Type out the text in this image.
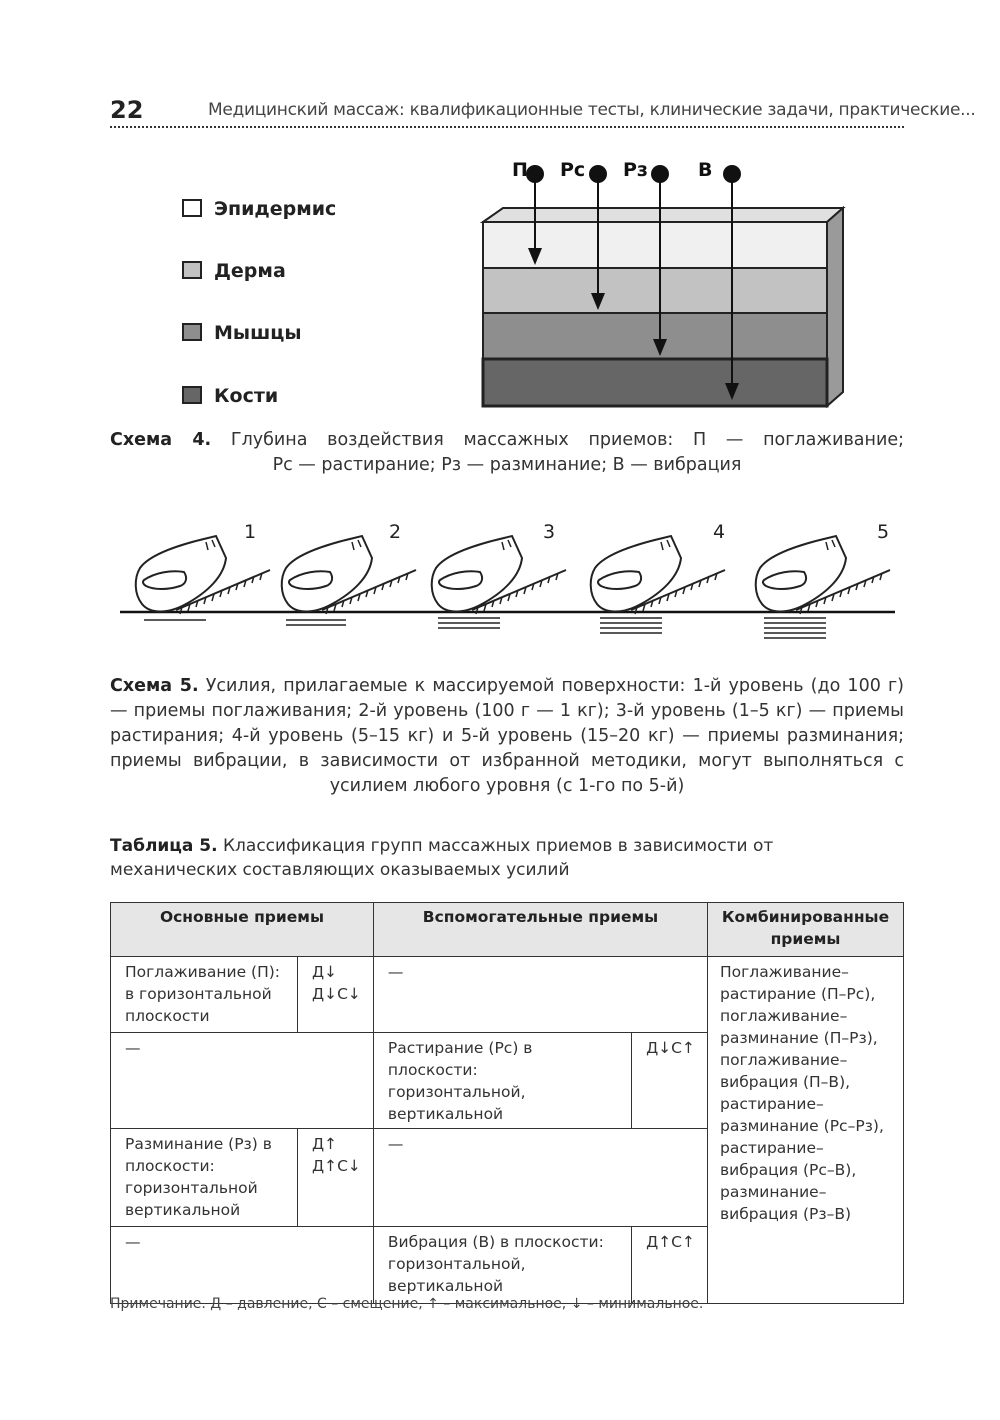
22	Медицинский массаж: квалификационные тесты, клинические задачи, практические...
Эпидермис
Дерма
Мышцы
Кости
П Рс Рз	В
Схема 4. Глубина воздействия массажных приемов: П — поглаживание;
Рс — растирание; Рз — разминание; В — вибрация
1	2	3	4	5
Схема 5. Усилия, прилагаемые к массируемой поверхности: 1-й уровень (до 100 г) — приемы поглаживания; 2-й уровень (100 г — 1 кг); 3-й уровень (1–5 кг) — приемы растирания; 4-й уровень (5–15 кг) и 5-й уровень (15–20 кг) — приемы разминания; приемы вибрации, в зависимости от избранной методики, могут выполняться с усилием любого уровня (с 1-го по 5-й)
Таблица 5. Классификация групп массажных приемов в зависимости от механических составляющих оказываемых усилий
Основные приемы		Вспомогательные приемы		Комбинированные приемы
Поглаживание (П): в горизонтальной плоскости	Д↓ Д↓С↓	—		Поглаживание–растирание (П–Рс), поглаживание–разминание (П–Рз), поглаживание–вибрация (П–В), растирание–разминание (Рс–Рз), растирание–вибрация (Рс–В), разминание–вибрация (Рз–В)
—		Растирание (Рс) в плоскости: горизонтальной, вертикальной	Д↓С↑	
Разминание (Рз) в плоскости: горизонтальной вертикальной	Д↑ Д↑С↓	—		
—		Вибрация (В) в плоскости: горизонтальной, вертикальной	Д↑С↑	
Примечание. Д – давление, С – смещение, ↑ – максимальное, ↓ – минимальное.
